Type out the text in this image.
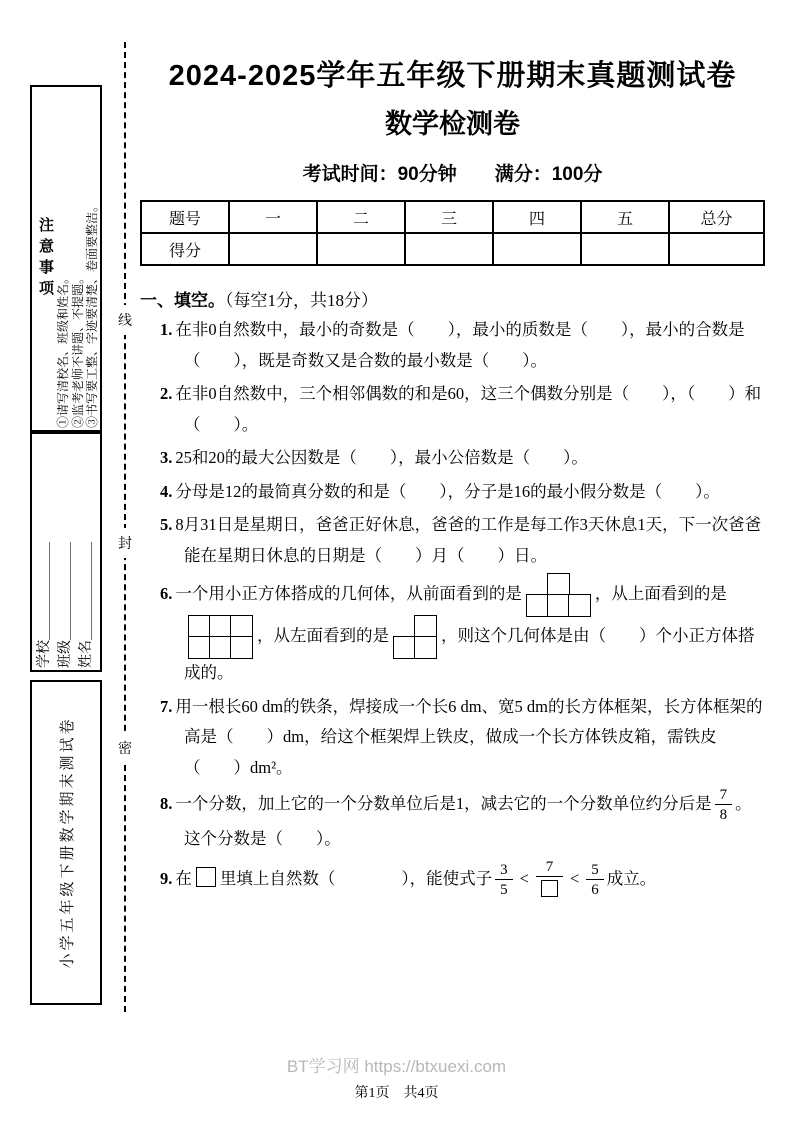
注意事项
①请写清校名、班级和姓名。 ②监考老师不讲题、不提题。 ③书写要工整、字迹要清楚、卷面要整洁。
学校＿＿＿＿＿＿＿ 班级＿＿＿＿＿＿＿ 姓名＿＿＿＿＿＿＿
小学五年级下册数学期末测试卷
线
封
密
2024-2025学年五年级下册期末真题测试卷
数学检测卷
考试时间：90分钟　　满分：100分
题号	一	二	三	四	五	总分
得分						
一、填空。（每空1分，共18分）
1. 在非0自然数中，最小的奇数是（　　），最小的质数是（　　），最小的合数是（　　），既是奇数又是合数的最小数是（　　）。
2. 在非0自然数中，三个相邻偶数的和是60，这三个偶数分别是（　　），（　　）和（　　）。
3. 25和20的最大公因数是（　　），最小公倍数是（　　）。
4. 分母是12的最简真分数的和是（　　），分子是16的最小假分数是（　　）。
5. 8月31日是星期日，爸爸正好休息，爸爸的工作是每工作3天休息1天，下一次爸爸能在星期日休息的日期是（　　）月（　　）日。
6. 一个用小正方体搭成的几何体，从前面看到的是	，从上面看到的是
，从左面看到的是	，则这个几何体是由（　　）个小正方体搭成的。
7. 用一根长60 dm的铁条，焊接成一个长6 dm、宽5 dm的长方体框架，长方体框架的高是（　　）dm，给这个框架焊上铁皮，做成一个长方体铁皮箱，需铁皮（　　）dm²。
8. 一个分数，加上它的一个分数单位后是1，减去它的一个分数单位约分后是 $\frac{7}{8}$ 。这个分数是（　　）。
9. 在 里填上自然数（　　　　），能使式子 $\frac{3}{5}$ <
7
< $\frac{5}{6}$ 成立。
BT学习网 https://btxuexi.com
第1页　共4页
